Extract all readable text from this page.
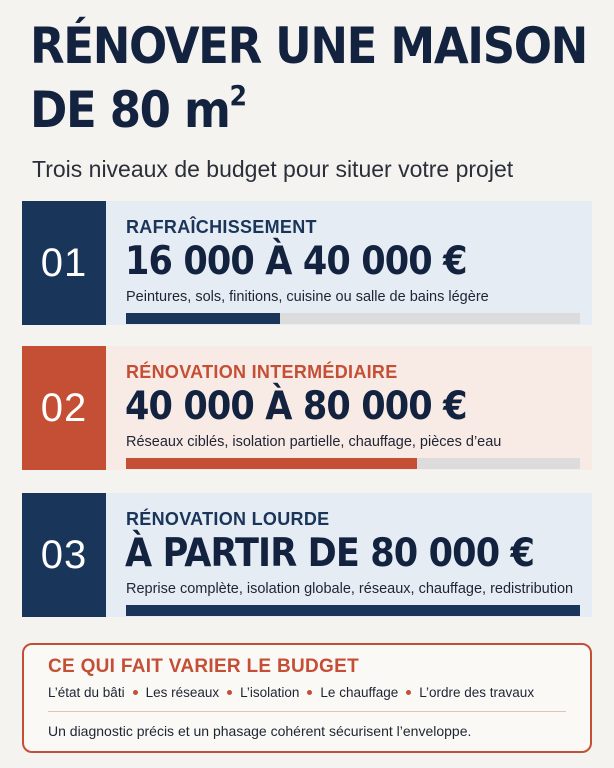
RÉNOVER UNE MAISON
DE 80 $m^2$
Trois niveaux de budget pour situer votre projet
01
RAFRAÎCHISSEMENT
16 000 À 40 000 €
Peintures, sols, finitions, cuisine ou salle de bains légère
02
RÉNOVATION INTERMÉDIAIRE
40 000 À 80 000 €
Réseaux ciblés, isolation partielle, chauffage, pièces d’eau
03
RÉNOVATION LOURDE
À PARTIR DE 80 000 €
Reprise complète, isolation globale, réseaux, chauffage, redistribution
CE QUI FAIT VARIER LE BUDGET
L’état du bâti Les réseaux L’isolation Le chauffage L’ordre des travaux
Un diagnostic précis et un phasage cohérent sécurisent l’enveloppe.
